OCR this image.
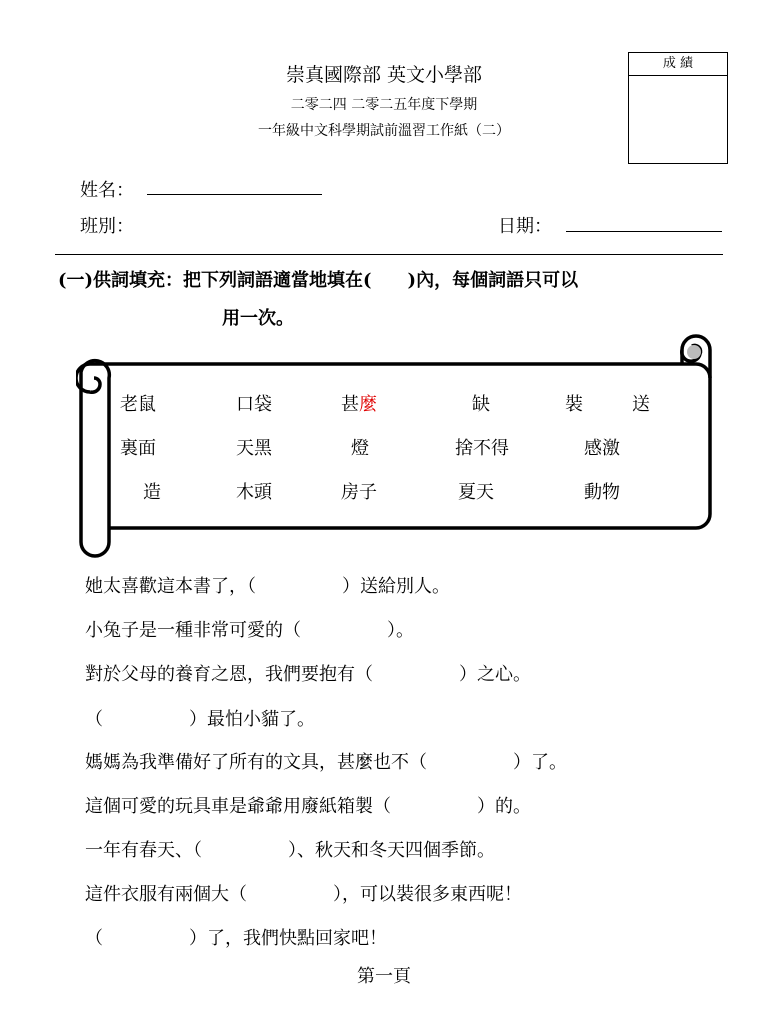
崇真國際部 英文小學部
二零二四 二零二五年度下學期
一年級中文科學期試前溫習工作紙（二）
成 績
姓名：
班別：	日期：
(一)供詞填充：把下列詞語適當地填在(　　)內，每個詞語只可以
用一次。
老鼠	口袋	甚麼	缺	裝	送
裏面	天黑	燈	捨不得	感激
造	木頭	房子	夏天	動物
她太喜歡這本書了，（	）送給別人。
小兔子是一種非常可愛的（	）。
對於父母的養育之恩，我們要抱有（	）之心。
（	）最怕小貓了。
媽媽為我準備好了所有的文具，甚麼也不（	）了。
這個可愛的玩具車是爺爺用廢紙箱製（	）的。
一年有春天、（	）、秋天和冬天四個季節。
這件衣服有兩個大（	），可以裝很多東西呢！
（	）了，我們快點回家吧！
第一頁
